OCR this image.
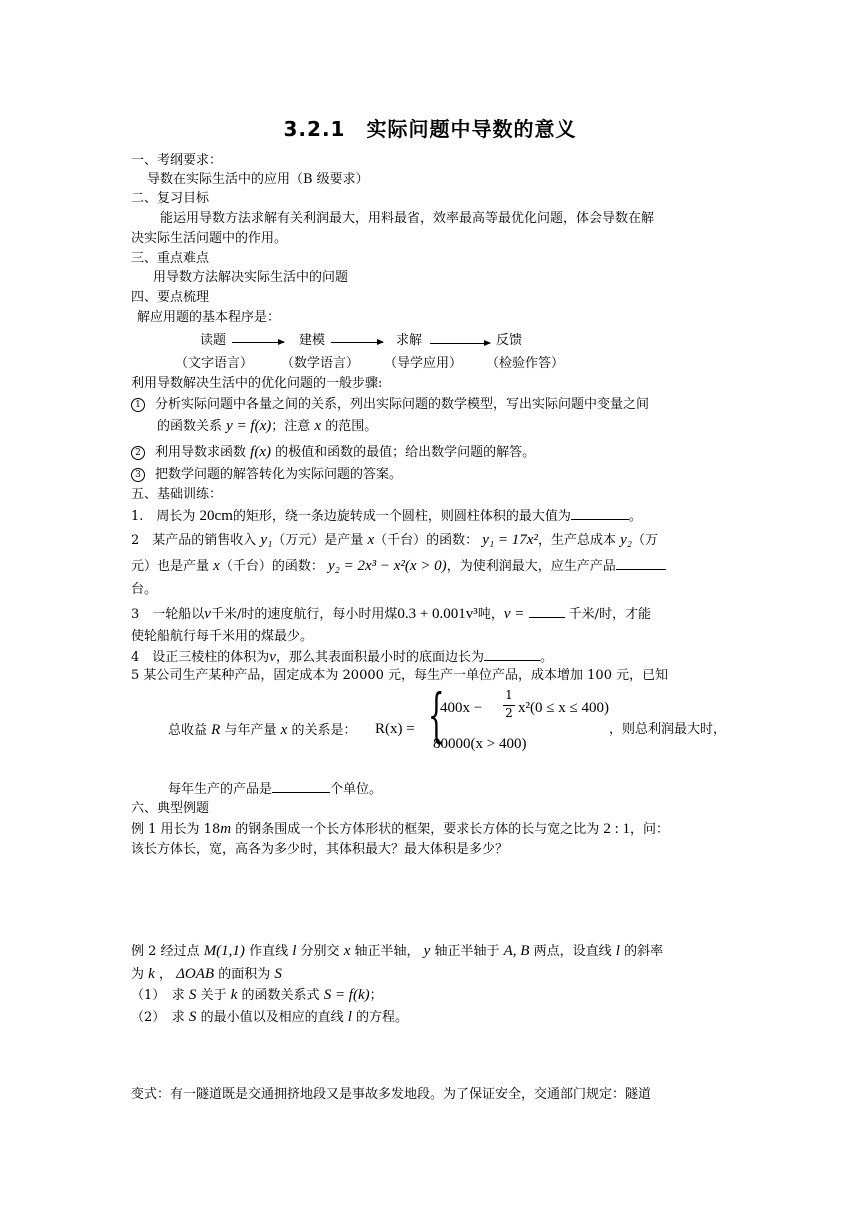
3.2.1　实际问题中导数的意义
一、考纲要求：
导数在实际生活中的应用（B 级要求）
二、复习目标
能运用导数方法求解有关利润最大，用料最省，效率最高等最优化问题，体会导数在解
决实际生活问题中的作用。
三、重点难点
用导数方法解决实际生活中的问题
四、要点梳理
解应用题的基本程序是：
读题	建模	求解	反馈
（文字语言） （数学语言） （导学应用） （检验作答）
利用导数解决生活中的优化问题的一般步骤:
1 分析实际问题中各量之间的关系，列出实际问题的数学模型，写出实际问题中变量之间
的函数关系 y = f(x)；注意 x 的范围。
2 利用导数求函数 f(x) 的极值和函数的最值；给出数学问题的解答。
3 把数学问题的解答转化为实际问题的答案。
五、基础训练：
1.　周长为 20cm的矩形，绕一条边旋转成一个圆柱，则圆柱体积的最大值为	。
2　某产品的销售收入 y₁（万元）是产量 x（千台）的函数： y₁ = 17x²，生产总成本 y₂（万
元）也是产量 x（千台）的函数： y₂ = 2x³ − x²(x > 0)，为使利润最大，应生产产品
台。
3　一轮船以v千米/时的速度航行，每小时用煤0.3 + 0.001v³吨，v =	千米/时，才能
使轮船航行每千米用的煤最少。
4　设正三棱柱的体积为v，那么其表面积最小时的底面边长为	。
5 某公司生产某种产品，固定成本为 20000 元，每生产一单位产品，成本增加 100 元，已知
总收益 R 与年产量 x 的关系是： R(x) = {
400x −
1
2 x²(0 ≤ x ≤ 400)
80000(x > 400)
，则总利润最大时，
每年生产的产品是	个单位。
六、典型例题
例 1 用长为 18m 的钢条围成一个长方体形状的框架，要求长方体的长与宽之比为 2 : 1，问：
该长方体长，宽，高各为多少时，其体积最大？最大体积是多少？
例 2 经过点 M(1,1) 作直线 l 分别交 x 轴正半轴， y 轴正半轴于 A, B 两点，设直线 l 的斜率
为 k ， ΔOAB 的面积为 S
（1）　求 S 关于 k 的函数关系式 S = f(k)；
（2）　求 S 的最小值以及相应的直线 l 的方程。
变式：有一隧道既是交通拥挤地段又是事故多发地段。为了保证安全，交通部门规定：隧道
